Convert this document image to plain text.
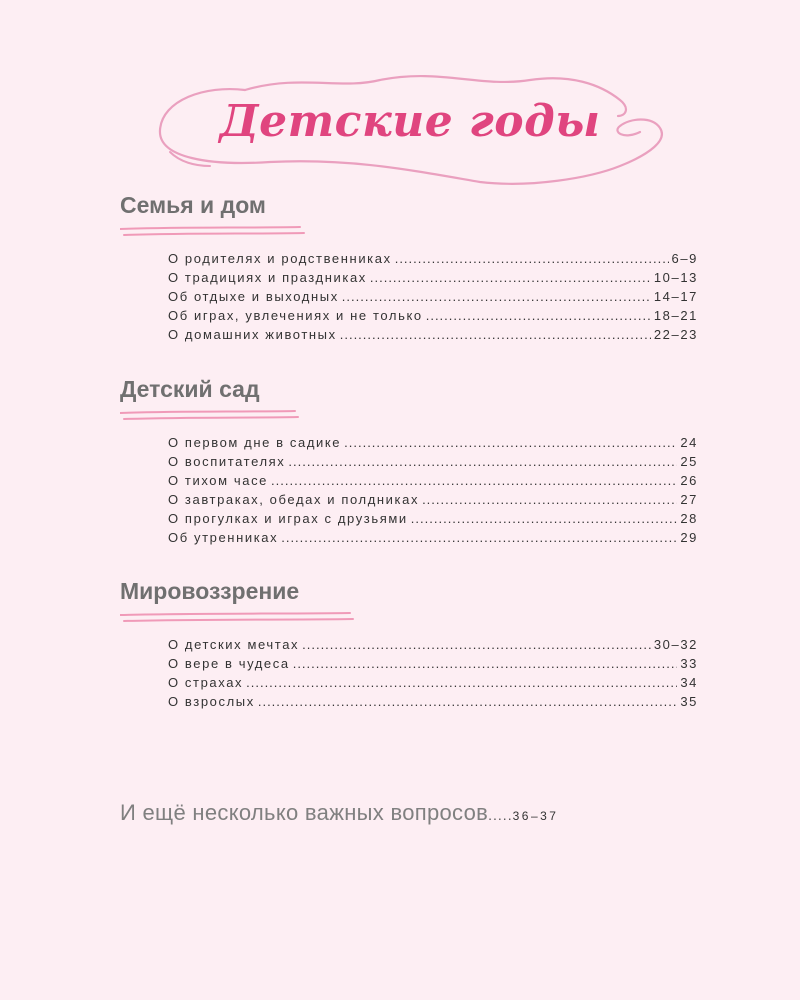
Детские годы
Семья и дом
О родителях и родственниках .....	6–9
О традициях и праздниках .....	10–13
Об отдыхе и выходных .....	14–17
Об играх, увлечениях и не только .....	18–21
О домашних животных .....	22–23
Детский сад
О первом дне в садике .....	24
О воспитателях .....	25
О тихом часе .....	26
О завтраках, обедах и полдниках .....	27
О прогулках и играх с друзьями .....	28
Об утренниках .....	29
Мировоззрение
О детских мечтах .....	30–32
О вере в чудеса .....	33
О страхах .....	34
О взрослых .....	35
И ещё несколько важных вопросов ..... 36–37
